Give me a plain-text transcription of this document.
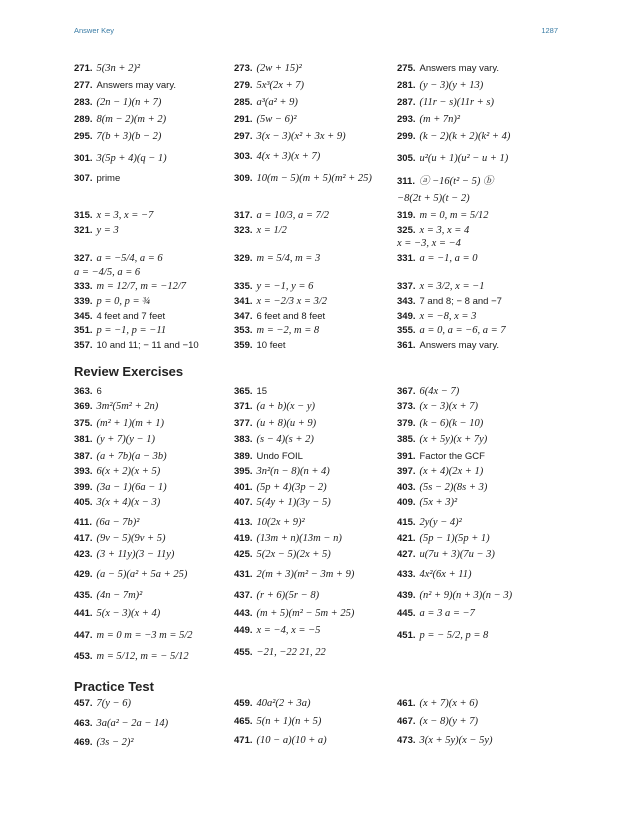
Answer Key	1287
Review Exercises
Practice Test
271. 5(3n + 2)²
277. Answers may vary.
283. (2n − 1)(n + 7)
289. 8(m − 2)(m + 2)
295. 7(b + 3)(b − 2)
301. 3(5p + 4)(q − 1)
307. prime
315. x = 3, x = −7
321. y = 3
327. a = −5/4, a = 6
a = −4/5, a = 6
333. m = 12/7, m = −12/7
339. p = 0, p = ¾
345. 4 feet and 7 feet
351. p = −1, p = −11
357. 10 and 11; − 11 and −10
363. 6
369. 3m²(5m² + 2n)
375. (m² + 1)(m + 1)
381. (y + 7)(y − 1)
387. (a + 7b)(a − 3b)
393. 6(x + 2)(x + 5)
399. (3a − 1)(6a − 1)
405. 3(x + 4)(x − 3)
411. (6a − 7b)²
417. (9v − 5)(9v + 5)
423. (3 + 11y)(3 − 11y)
429. (a − 5)(a² + 5a + 25)
435. (4n − 7m)²
441. 5(x − 3)(x + 4)
447. m = 0 m = −3 m = 5/2
453. m = 5/12, m = − 5/12
457. 7(y − 6)
463. 3a(a² − 2a − 14)
469. (3s − 2)²
273. (2w + 15)²
279. 5x³(2x + 7)
285. a³(a² + 9)
291. (5w − 6)²
297. 3(x − 3)(x² + 3x + 9)
303. 4(x + 3)(x + 7)
309. 10(m − 5)(m + 5)(m² + 25)
317. a = 10/3, a = 7/2
323. x = 1/2
329. m = 5/4, m = 3
335. y = −1, y = 6
341. x = −2/3 x = 3/2
347. 6 feet and 8 feet
353. m = −2, m = 8
359. 10 feet
365. 15
371. (a + b)(x − y)
377. (u + 8)(u + 9)
383. (s − 4)(s + 2)
389. Undo FOIL
395. 3n²(n − 8)(n + 4)
401. (5p + 4)(3p − 2)
407. 5(4y + 1)(3y − 5)
413. 10(2x + 9)²
419. (13m + n)(13m − n)
425. 5(2x − 5)(2x + 5)
431. 2(m + 3)(m² − 3m + 9)
437. (r + 6)(5r − 8)
443. (m + 5)(m² − 5m + 25)
449. x = −4, x = −5
455. −21, −22 21, 22
459. 40a²(2 + 3a)
465. 5(n + 1)(n + 5)
471. (10 − a)(10 + a)
275. Answers may vary.
281. (y − 3)(y + 13)
287. (11r − s)(11r + s)
293. (m + 7n)²
299. (k − 2)(k + 2)(k² + 4)
305. u²(u + 1)(u² − u + 1)
311. ⓐ −16(t² − 5) ⓑ
−8(2t + 5)(t − 2)
319. m = 0, m = 5/12
325. x = 3, x = 4
x = −3, x = −4
331. a = −1, a = 0
337. x = 3/2, x = −1
343. 7 and 8; − 8 and −7
349. x = −8, x = 3
355. a = 0, a = −6, a = 7
361. Answers may vary.
367. 6(4x − 7)
373. (x − 3)(x + 7)
379. (k − 6)(k − 10)
385. (x + 5y)(x + 7y)
391. Factor the GCF
397. (x + 4)(2x + 1)
403. (5s − 2)(8s + 3)
409. (5x + 3)²
415. 2y(y − 4)²
421. (5p − 1)(5p + 1)
427. u(7u + 3)(7u − 3)
433. 4x²(6x + 11)
439. (n² + 9)(n + 3)(n − 3)
445. a = 3 a = −7
451. p = − 5/2, p = 8
461. (x + 7)(x + 6)
467. (x − 8)(y + 7)
473. 3(x + 5y)(x − 5y)
